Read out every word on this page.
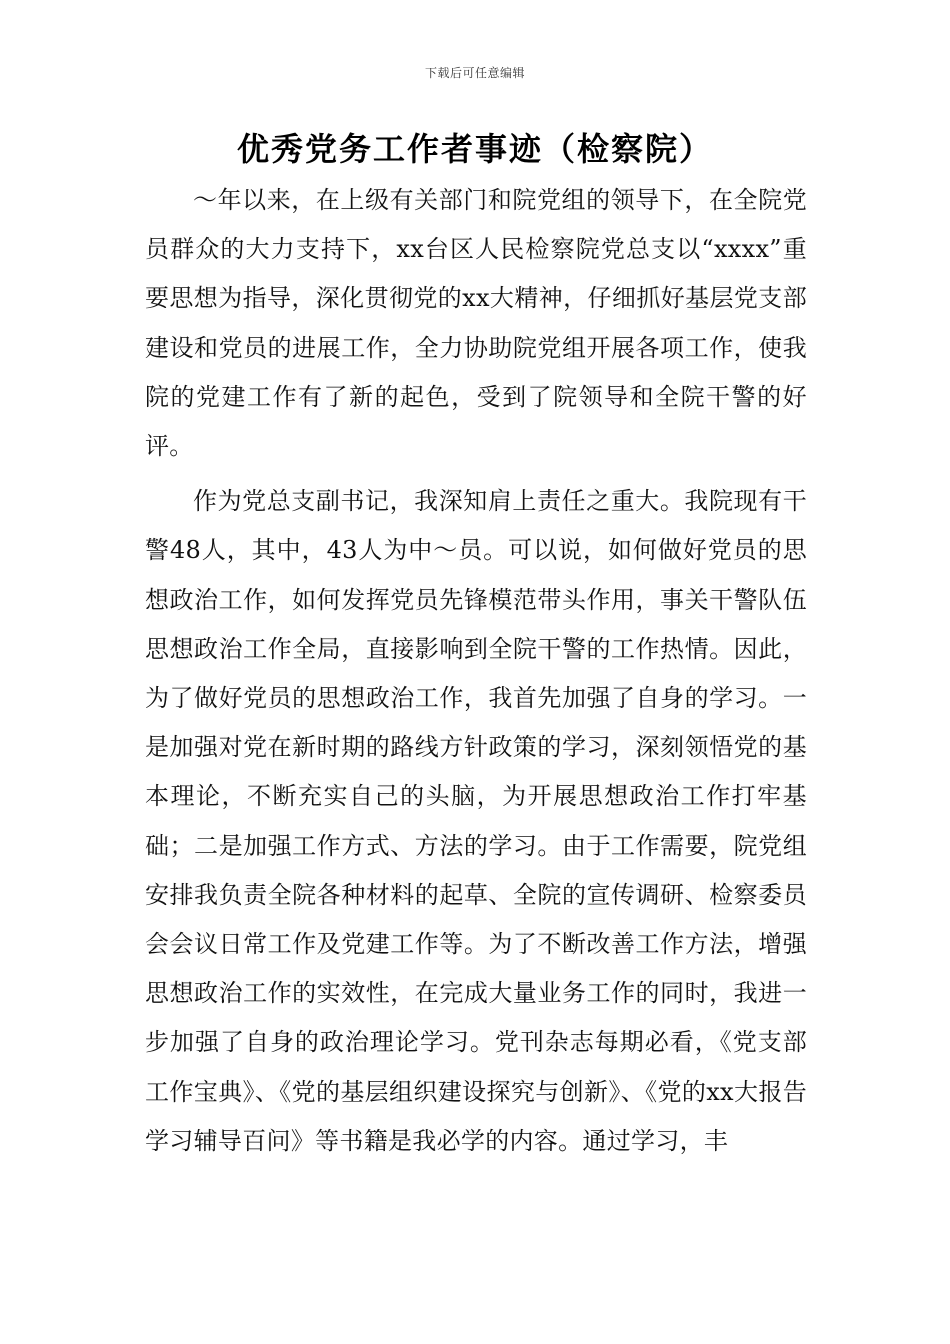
下载后可任意编辑
优秀党务工作者事迹（检察院）

～年以来，在上级有关部门和院党组的领导下，在全院党员群众的大力支持下，xx台区人民检察院党总支以“xxxx”重要思想为指导，深化贯彻党的xx大精神，仔细抓好基层党支部建设和党员的进展工作，全力协助院党组开展各项工作，使我院的党建工作有了新的起色，受到了院领导和全院干警的好评。

作为党总支副书记，我深知肩上责任之重大。我院现有干警48人，其中，43人为中～员。可以说，如何做好党员的思想政治工作，如何发挥党员先锋模范带头作用，事关干警队伍思想政治工作全局，直接影响到全院干警的工作热情。因此，为了做好党员的思想政治工作，我首先加强了自身的学习。一是加强对党在新时期的路线方针政策的学习，深刻领悟党的基本理论，不断充实自己的头脑，为开展思想政治工作打牢基础；二是加强工作方式、方法的学习。由于工作需要，院党组安排我负责全院各种材料的起草、全院的宣传调研、检察委员会会议日常工作及党建工作等。为了不断改善工作方法，增强思想政治工作的实效性，在完成大量业务工作的同时，我进一步加强了自身的政治理论学习。党刊杂志每期必看，《党支部工作宝典》、《党的基层组织建设探究与创新》、《党的xx大报告学习辅导百问》等书籍是我必学的内容。通过学习，丰
